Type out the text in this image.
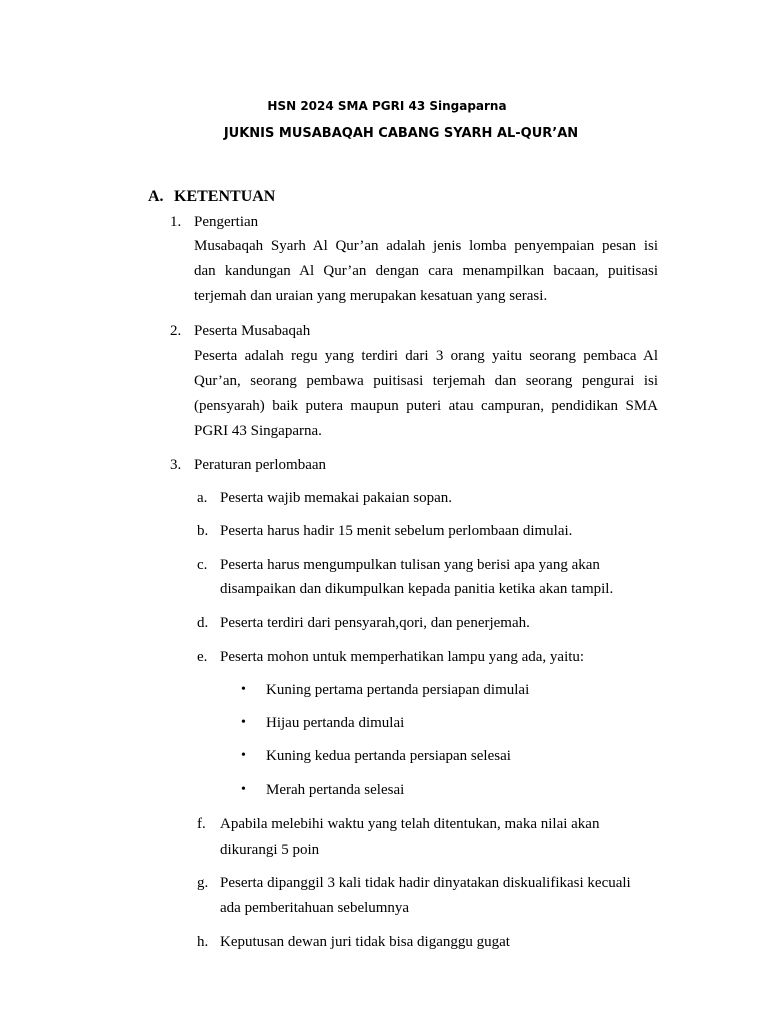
HSN 2024 SMA PGRI 43 Singaparna
JUKNIS MUSABAQAH CABANG SYARH AL-QUR’AN
A. KETENTUAN
1. Pengertian
Musabaqah Syarh Al Qur’an adalah jenis lomba penyempaian pesan isi
dan kandungan Al Qur’an dengan cara menampilkan bacaan, puitisasi
terjemah dan uraian yang merupakan kesatuan yang serasi.
2. Peserta Musabaqah
Peserta adalah regu yang terdiri dari 3 orang yaitu seorang pembaca Al
Qur’an, seorang pembawa puitisasi terjemah dan seorang pengurai isi
(pensyarah) baik putera maupun puteri atau campuran, pendidikan SMA
PGRI 43 Singaparna.
3. Peraturan perlombaan
a. Peserta wajib memakai pakaian sopan.
b. Peserta harus hadir 15 menit sebelum perlombaan dimulai.
c. Peserta harus mengumpulkan tulisan yang berisi apa yang akan
disampaikan dan dikumpulkan kepada panitia ketika akan tampil.
d. Peserta terdiri dari pensyarah,qori, dan penerjemah.
e. Peserta mohon untuk memperhatikan lampu yang ada, yaitu:
• Kuning pertama pertanda persiapan dimulai
• Hijau pertanda dimulai
• Kuning kedua pertanda persiapan selesai
• Merah pertanda selesai
f. Apabila melebihi waktu yang telah ditentukan, maka nilai akan
dikurangi 5 poin
g. Peserta dipanggil 3 kali tidak hadir dinyatakan diskualifikasi kecuali
ada pemberitahuan sebelumnya
h. Keputusan dewan juri tidak bisa diganggu gugat
